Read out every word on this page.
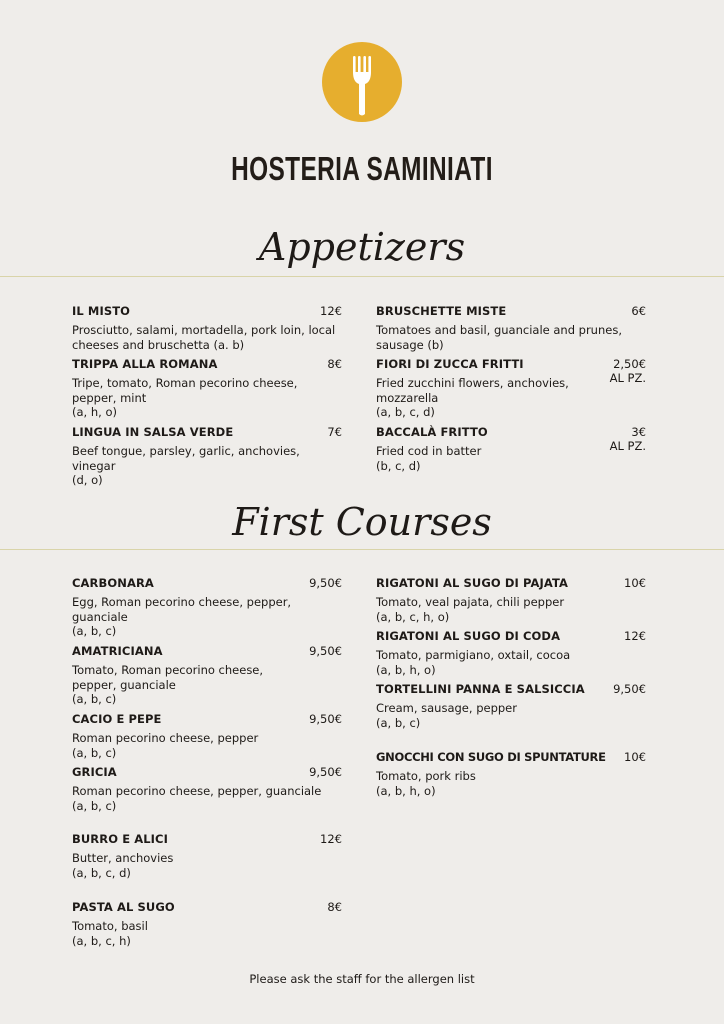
HOSTERIA SAMINIATI
Appetizers
IL MISTO	12€
Prosciutto, salami, mortadella, pork loin, local cheeses and bruschetta (a. b)
TRIPPA ALLA ROMANA	8€
Tripe, tomato, Roman pecorino cheese, pepper, mint
(a, h, o)
LINGUA IN SALSA VERDE	7€
Beef tongue, parsley, garlic, anchovies, vinegar
(d, o)
BRUSCHETTE MISTE	6€
Tomatoes and basil, guanciale and prunes, sausage (b)
FIORI DI ZUCCA FRITTI	2,50€
AL PZ.
Fried zucchini flowers, anchovies, mozzarella
(a, b, c, d)
BACCALÀ FRITTO	3€
AL PZ.
Fried cod in batter
(b, c, d)
First Courses
CARBONARA	9,50€
Egg, Roman pecorino cheese, pepper, guanciale
(a, b, c)
AMATRICIANA	9,50€
Tomato, Roman pecorino cheese, pepper, guanciale
(a, b, c)
CACIO E PEPE	9,50€
Roman pecorino cheese, pepper
(a, b, c)
GRICIA	9,50€
Roman pecorino cheese, pepper, guanciale
(a, b, c)
BURRO E ALICI	12€
Butter, anchovies
(a, b, c, d)
PASTA AL SUGO	8€
Tomato, basil
(a, b, c, h)
RIGATONI AL SUGO DI PAJATA	10€
Tomato, veal pajata, chili pepper
(a, b, c, h, o)
RIGATONI AL SUGO DI CODA	12€
Tomato, parmigiano, oxtail, cocoa
(a, b, h, o)
TORTELLINI PANNA E SALSICCIA	9,50€
Cream, sausage, pepper
(a, b, c)
GNOCCHI CON SUGO DI SPUNTATURE	10€
Tomato, pork ribs
(a, b, h, o)
Please ask the staff for the allergen list
